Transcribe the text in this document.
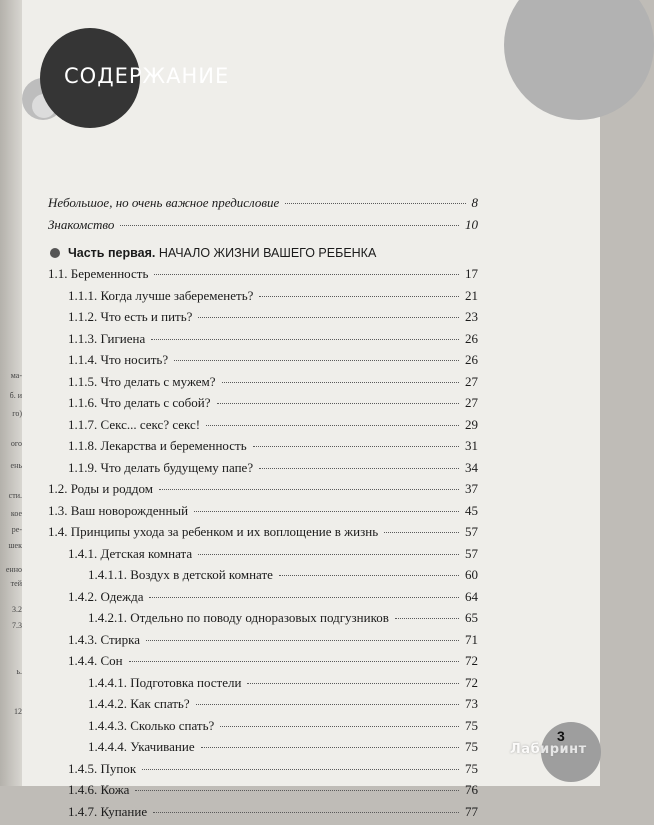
ма-
б. и
го)
ого
ень
сти.
кое
ре-
шек
енно
тей
3.2
7.3
ь.
12
СОДЕРЖАНИЕ
Небольшое, но очень важное предисловие	8
Знакомство	10
Часть первая.
НАЧАЛО ЖИЗНИ ВАШЕГО РЕБЕНКА
1.1. Беременность	17
1.1.1. Когда лучше забеременеть?	21
1.1.2. Что есть и пить?	23
1.1.3. Гигиена	26
1.1.4. Что носить?	26
1.1.5. Что делать с мужем?	27
1.1.6. Что делать с собой?	27
1.1.7. Секс... секс? секс!	29
1.1.8. Лекарства и беременность	31
1.1.9. Что делать будущему папе?	34
1.2. Роды и роддом	37
1.3. Ваш новорожденный	45
1.4. Принципы ухода за ребенком и их воплощение в жизнь	57
1.4.1. Детская комната	57
1.4.1.1. Воздух в детской комнате	60
1.4.2. Одежда	64
1.4.2.1. Отдельно по поводу одноразовых подгузников	65
1.4.3. Стирка	71
1.4.4. Сон	72
1.4.4.1. Подготовка постели	72
1.4.4.2. Как спать?	73
1.4.4.3. Сколько спать?	75
1.4.4.4. Укачивание	75
1.4.5. Пупок	75
1.4.6. Кожа	76
1.4.7. Купание	77
3
Лабиринт
